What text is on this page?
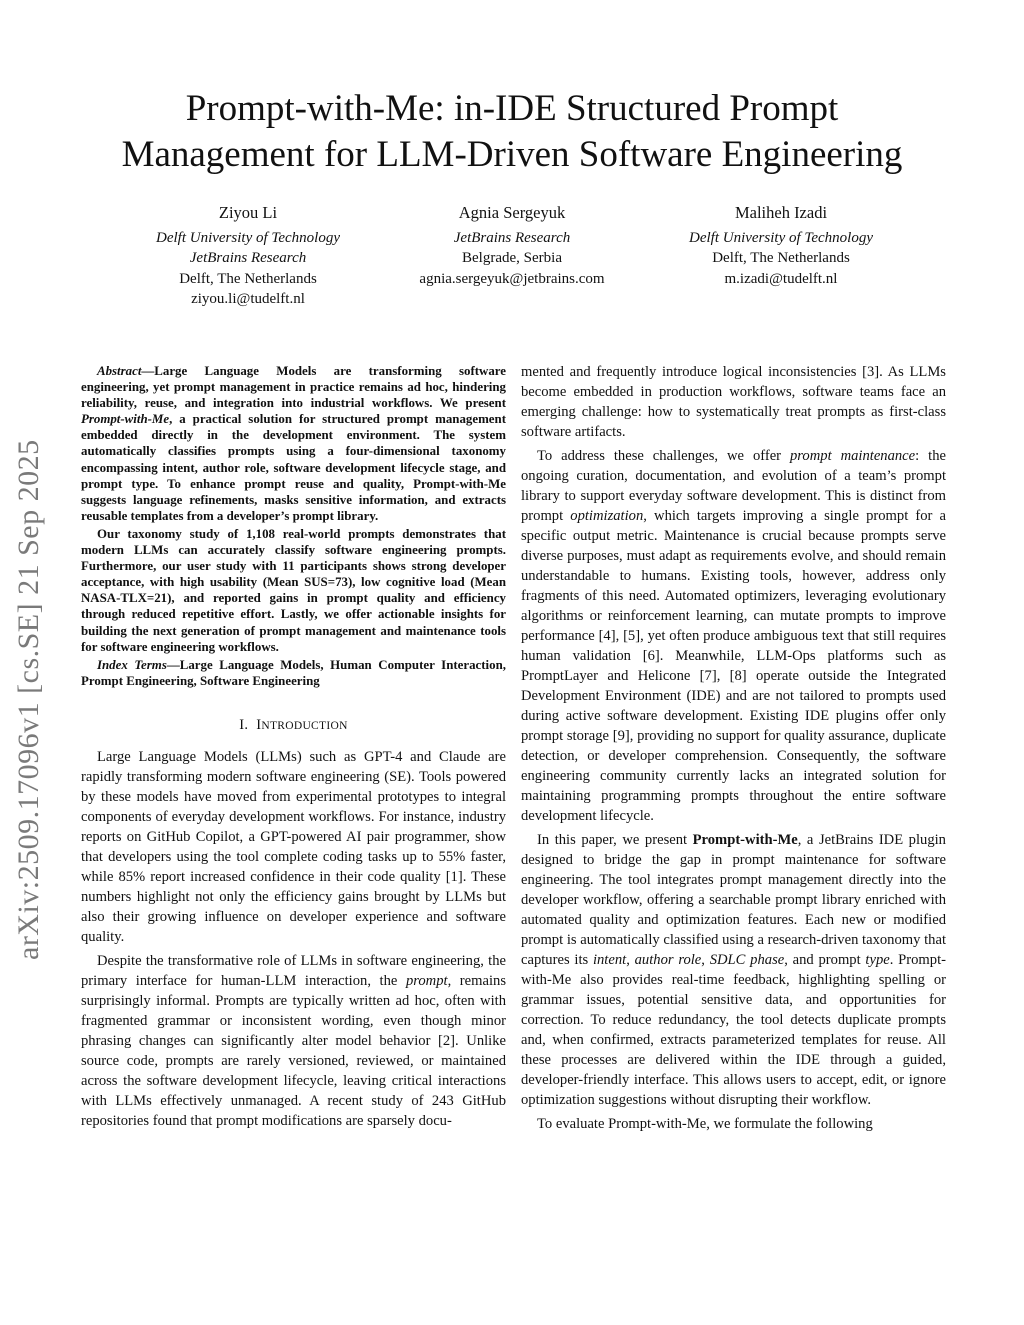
arXiv:2509.17096v1 [cs.SE] 21 Sep 2025
Prompt-with-Me: in-IDE Structured Prompt
Management for LLM-Driven Software Engineering
Ziyou Li
Delft University of Technology
JetBrains Research
Delft, The Netherlands
ziyou.li@tudelft.nl
Agnia Sergeyuk
JetBrains Research
Belgrade, Serbia
agnia.sergeyuk@jetbrains.com
Maliheh Izadi
Delft University of Technology
Delft, The Netherlands
m.izadi@tudelft.nl

Abstract—Large Language Models are transforming software engineering, yet prompt management in practice remains ad hoc, hindering reliability, reuse, and integration into industrial workflows. We present Prompt-with-Me, a practical solution for structured prompt management embedded directly in the development environment. The system automatically classifies prompts using a four-dimensional taxonomy encompassing intent, author role, software development lifecycle stage, and prompt type. To enhance prompt reuse and quality, Prompt-with-Me suggests language refinements, masks sensitive information, and extracts reusable templates from a developer’s prompt library.

Our taxonomy study of 1,108 real-world prompts demonstrates that modern LLMs can accurately classify software engineering prompts. Furthermore, our user study with 11 participants shows strong developer acceptance, with high usability (Mean SUS=73), low cognitive load (Mean NASA-TLX=21), and reported gains in prompt quality and efficiency through reduced repetitive effort. Lastly, we offer actionable insights for building the next generation of prompt management and maintenance tools for software engineering workflows.

Index Terms—Large Language Models, Human Computer Interaction, Prompt Engineering, Software Engineering

I. INTRODUCTION

Large Language Models (LLMs) such as GPT-4 and Claude are rapidly transforming modern software engineering (SE). Tools powered by these models have moved from experimental prototypes to integral components of everyday development workflows. For instance, industry reports on GitHub Copilot, a GPT-powered AI pair programmer, show that developers using the tool complete coding tasks up to 55% faster, while 85% report increased confidence in their code quality [1]. These numbers highlight not only the efficiency gains brought by LLMs but also their growing influence on developer experience and software quality.

Despite the transformative role of LLMs in software engineering, the primary interface for human-LLM interaction, the prompt, remains surprisingly informal. Prompts are typically written ad hoc, often with fragmented grammar or inconsistent wording, even though minor phrasing changes can significantly alter model behavior [2]. Unlike source code, prompts are rarely versioned, reviewed, or maintained across the software development lifecycle, leaving critical interactions with LLMs effectively unmanaged. A recent study of 243 GitHub repositories found that prompt modifications are sparsely docu-

mented and frequently introduce logical inconsistencies [3]. As LLMs become embedded in production workflows, software teams face an emerging challenge: how to systematically treat prompts as first-class software artifacts.

To address these challenges, we offer prompt maintenance: the ongoing curation, documentation, and evolution of a team’s prompt library to support everyday software development. This is distinct from prompt optimization, which targets improving a single prompt for a specific output metric. Maintenance is crucial because prompts serve diverse purposes, must adapt as requirements evolve, and should remain understandable to humans. Existing tools, however, address only fragments of this need. Automated optimizers, leveraging evolutionary algorithms or reinforcement learning, can mutate prompts to improve performance [4], [5], yet often produce ambiguous text that still requires human validation [6]. Meanwhile, LLM-Ops platforms such as PromptLayer and Helicone [7], [8] operate outside the Integrated Development Environment (IDE) and are not tailored to prompts used during active software development. Existing IDE plugins offer only prompt storage [9], providing no support for quality assurance, duplicate detection, or developer comprehension. Consequently, the software engineering community currently lacks an integrated solution for maintaining programming prompts throughout the entire software development lifecycle.

In this paper, we present Prompt-with-Me, a JetBrains IDE plugin designed to bridge the gap in prompt maintenance for software engineering. The tool integrates prompt management directly into the developer workflow, offering a searchable prompt library enriched with automated quality and optimization features. Each new or modified prompt is automatically classified using a research-driven taxonomy that captures its intent, author role, SDLC phase, and prompt type. Prompt-with-Me also provides real-time feedback, highlighting spelling or grammar issues, potential sensitive data, and opportunities for correction. To reduce redundancy, the tool detects duplicate prompts and, when confirmed, extracts parameterized templates for reuse. All these processes are delivered within the IDE through a guided, developer-friendly interface. This allows users to accept, edit, or ignore optimization suggestions without disrupting their workflow.

To evaluate Prompt-with-Me, we formulate the following
